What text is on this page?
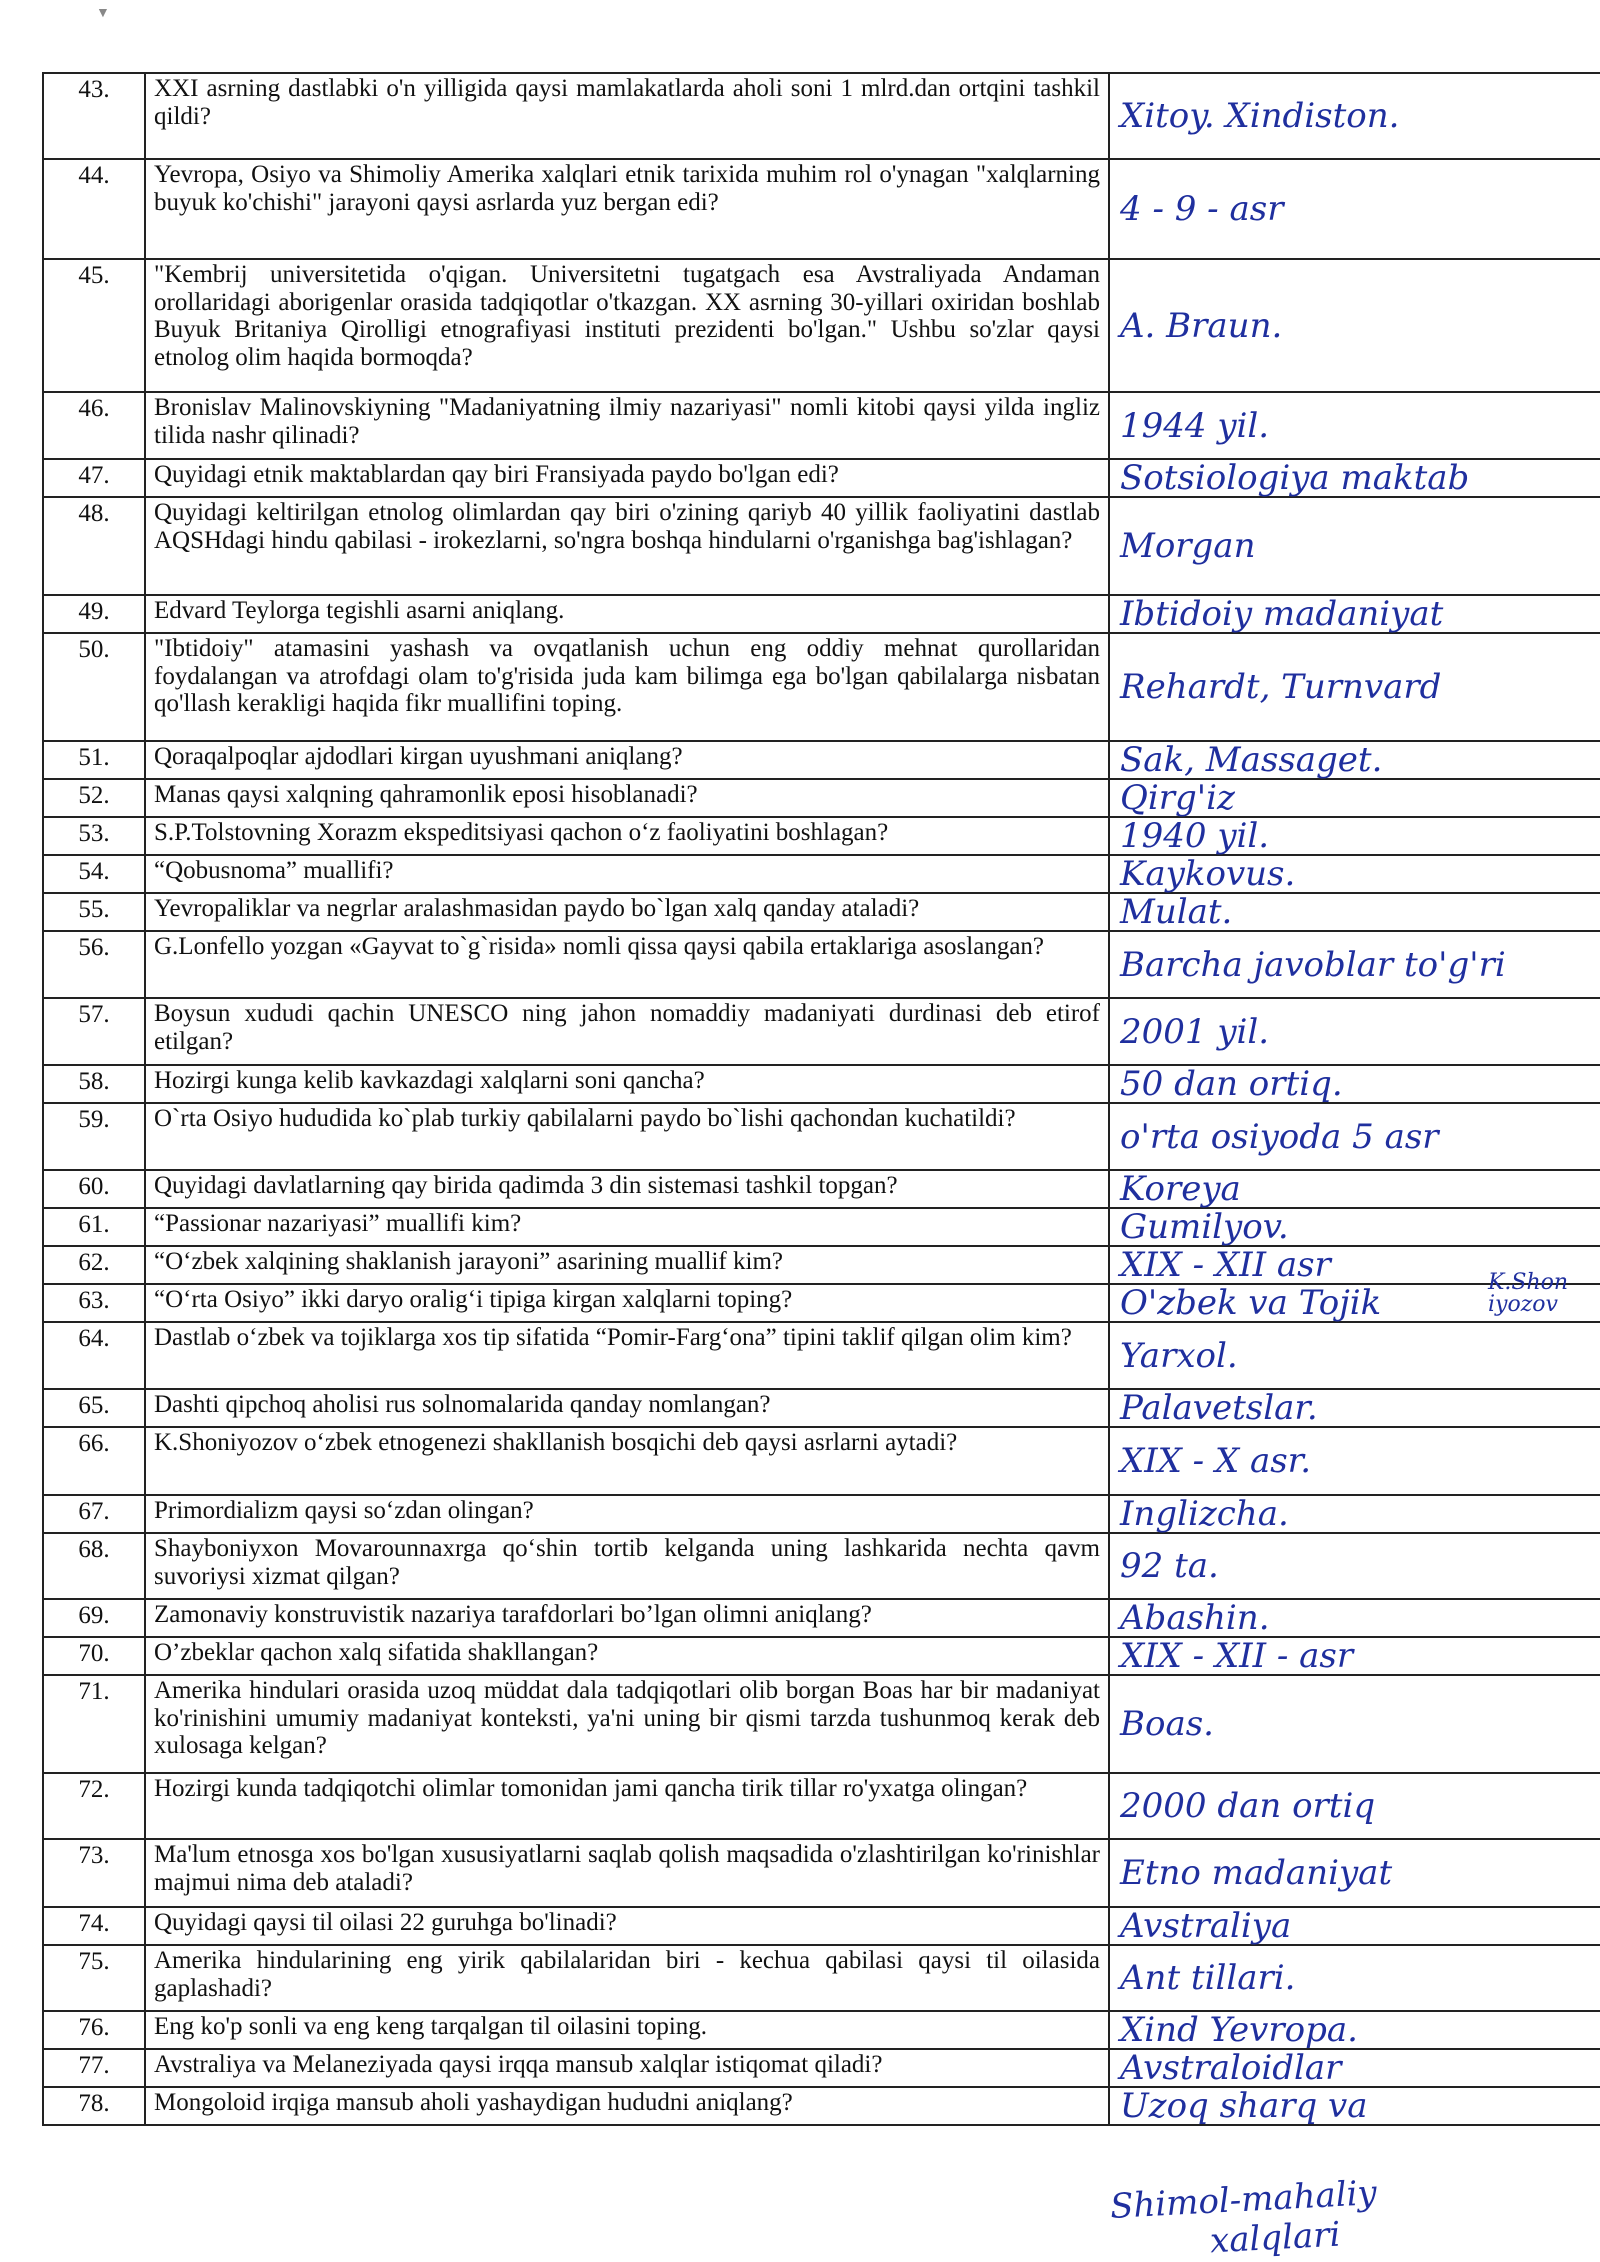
▼
43.	XXI asrning dastlabki o'n yilligida qaysi mamlakatlarda aholi soni 1 mlrd.dan ortqini tashkil qildi?	Xitoy. Xindiston.
44.	Yevropa, Osiyo va Shimoliy Amerika xalqlari etnik tarixida muhim rol o'ynagan "xalqlarning buyuk ko'chishi" jarayoni qaysi asrlarda yuz bergan edi?	4 - 9 - asr
45.	"Kembrij universitetida o'qigan. Universitetni tugatgach esa Avstraliyada Andaman orollaridagi aborigenlar orasida tadqiqotlar o'tkazgan. XX asrning 30-yillari oxiridan boshlab Buyuk Britaniya Qirolligi etnografiyasi instituti prezidenti bo'lgan." Ushbu so'zlar qaysi etnolog olim haqida bormoqda?	A. Braun.
46.	Bronislav Malinovskiyning "Madaniyatning ilmiy nazariyasi" nomli kitobi qaysi yilda ingliz tilida nashr qilinadi?	1944 yil.
47.	Quyidagi etnik maktablardan qay biri Fransiyada paydo bo'lgan edi?	Sotsiologiya maktab
48.	Quyidagi keltirilgan etnolog olimlardan qay biri o'zining qariyb 40 yillik faoliyatini dastlab AQSHdagi hindu qabilasi - irokezlarni, so'ngra boshqa hindularni o'rganishga bag'ishlagan?	Morgan
49.	Edvard Teylorga tegishli asarni aniqlang.	Ibtidoiy madaniyat
50.	"Ibtidoiy" atamasini yashash va ovqatlanish uchun eng oddiy mehnat qurollaridan foydalangan va atrofdagi olam to'g'risida juda kam bilimga ega bo'lgan qabilalarga nisbatan qo'llash kerakligi haqida fikr muallifini toping.	Rehardt, Turnvard
51.	Qoraqalpoqlar ajdodlari kirgan uyushmani aniqlang?	Sak, Massaget.
52.	Manas qaysi xalqning qahramonlik eposi hisoblanadi?	Qirg'iz
53.	S.P.Tolstovning Xorazm ekspeditsiyasi qachon o‘z faoliyatini boshlagan?	1940 yil.
54.	“Qobusnoma” muallifi?	Kaykovus.
55.	Yevropaliklar va negrlar aralashmasidan paydo bo`lgan xalq qanday ataladi?	Mulat.
56.	G.Lonfello yozgan «Gayvat to`g`risida» nomli qissa qaysi qabila ertaklariga asoslangan?	Barcha javoblar to'g'ri
57.	Boysun xududi qachin UNESCO ning jahon nomaddiy madaniyati durdinasi deb etirof etilgan?	2001 yil.
58.	Hozirgi kunga kelib kavkazdagi xalqlarni soni qancha?	50 dan ortiq.
59.	O`rta Osiyo hududida ko`plab turkiy qabilalarni paydo bo`lishi qachondan kuchatildi?	o'rta osiyoda 5 asr
60.	Quyidagi davlatlarning qay birida qadimda 3 din sistemasi tashkil topgan?	Koreya
61.	“Passionar nazariyasi” muallifi kim?	Gumilyov.
62.	“O‘zbek xalqining shaklanish jarayoni” asarining muallif kim?	XIX - XII asr
63.	“O‘rta Osiyo” ikki daryo oralig‘i tipiga kirgan xalqlarni toping?	O'zbek va Tojik
64.	Dastlab o‘zbek va tojiklarga xos tip sifatida “Pomir-Farg‘ona” tipini taklif qilgan olim kim?	Yarxol.
65.	Dashti qipchoq aholisi rus solnomalarida qanday nomlangan?	Palavetslar.
66.	K.Shoniyozov o‘zbek etnogenezi shakllanish bosqichi deb qaysi asrlarni aytadi?	XIX - X asr.
67.	Primordializm qaysi so‘zdan olingan?	Inglizcha.
68.	Shayboniyxon Movarounnaxrga qo‘shin tortib kelganda uning lashkarida nechta qavm suvoriysi xizmat qilgan?	92 ta.
69.	Zamonaviy konstruvistik nazariya tarafdorlari bo’lgan olimni aniqlang?	Abashin.
70.	O’zbeklar qachon xalq sifatida shakllangan?	XIX - XII - asr
71.	Amerika hindulari orasida uzoq müddat dala tadqiqotlari olib borgan Boas har bir madaniyat ko'rinishini umumiy madaniyat konteksti, ya'ni uning bir qismi tarzda tushunmoq kerak deb xulosaga kelgan?	Boas.
72.	Hozirgi kunda tadqiqotchi olimlar tomonidan jami qancha tirik tillar ro'yxatga olingan?	2000 dan ortiq
73.	Ma'lum etnosga xos bo'lgan xususiyatlarni saqlab qolish maqsadida o'zlashtirilgan ko'rinishlar majmui nima deb ataladi?	Etno madaniyat
74.	Quyidagi qaysi til oilasi 22 guruhga bo'linadi?	Avstraliya
75.	Amerika hindularining eng yirik qabilalaridan biri - kechua qabilasi qaysi til oilasida gaplashadi?	Ant tillari.
76.	Eng ko'p sonli va eng keng tarqalgan til oilasini toping.	Xind Yevropa.
77.	Avstraliya va Melaneziyada qaysi irqqa mansub xalqlar istiqomat qiladi?	Avstraloidlar
78.	Mongoloid irqiga mansub aholi yashaydigan hududni aniqlang?	Uzoq sharq va
Shimol-mahaliy
xalqlari
K.Shon iyozov
